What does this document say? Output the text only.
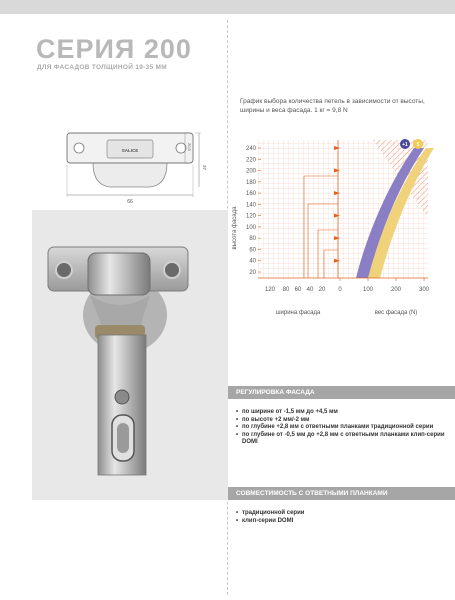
СЕРИЯ 200
ДЛЯ ФАСАДОВ ТОЛЩИНОЙ 19-35 ММ
SALICE
66
37
20,5
График выбора количества петель в зависимости от высоты, ширины и веса фасада. 1 кг = 9,8 N
240
220
200
180
160
140
120
100
80
60
40
20
120 80 60 40 20 0	100	200	300
высота фасада
ширина фасада	вес фасада (N)
+1 5
РЕГУЛИРОВКА ФАСАДА
• по ширине от -1,5 мм до +4,5 мм
• по высоте +2 мм/-2 мм
• по глубине +2,8 мм с ответными планками традиционной серии
• по глубине от -0,5 мм до +2,8 мм с ответными планками клип-серии DOMI
СОВМЕСТИМОСТЬ С ОТВЕТНЫМИ ПЛАНКАМИ
• традиционной серии
• клип-серии DOMI
